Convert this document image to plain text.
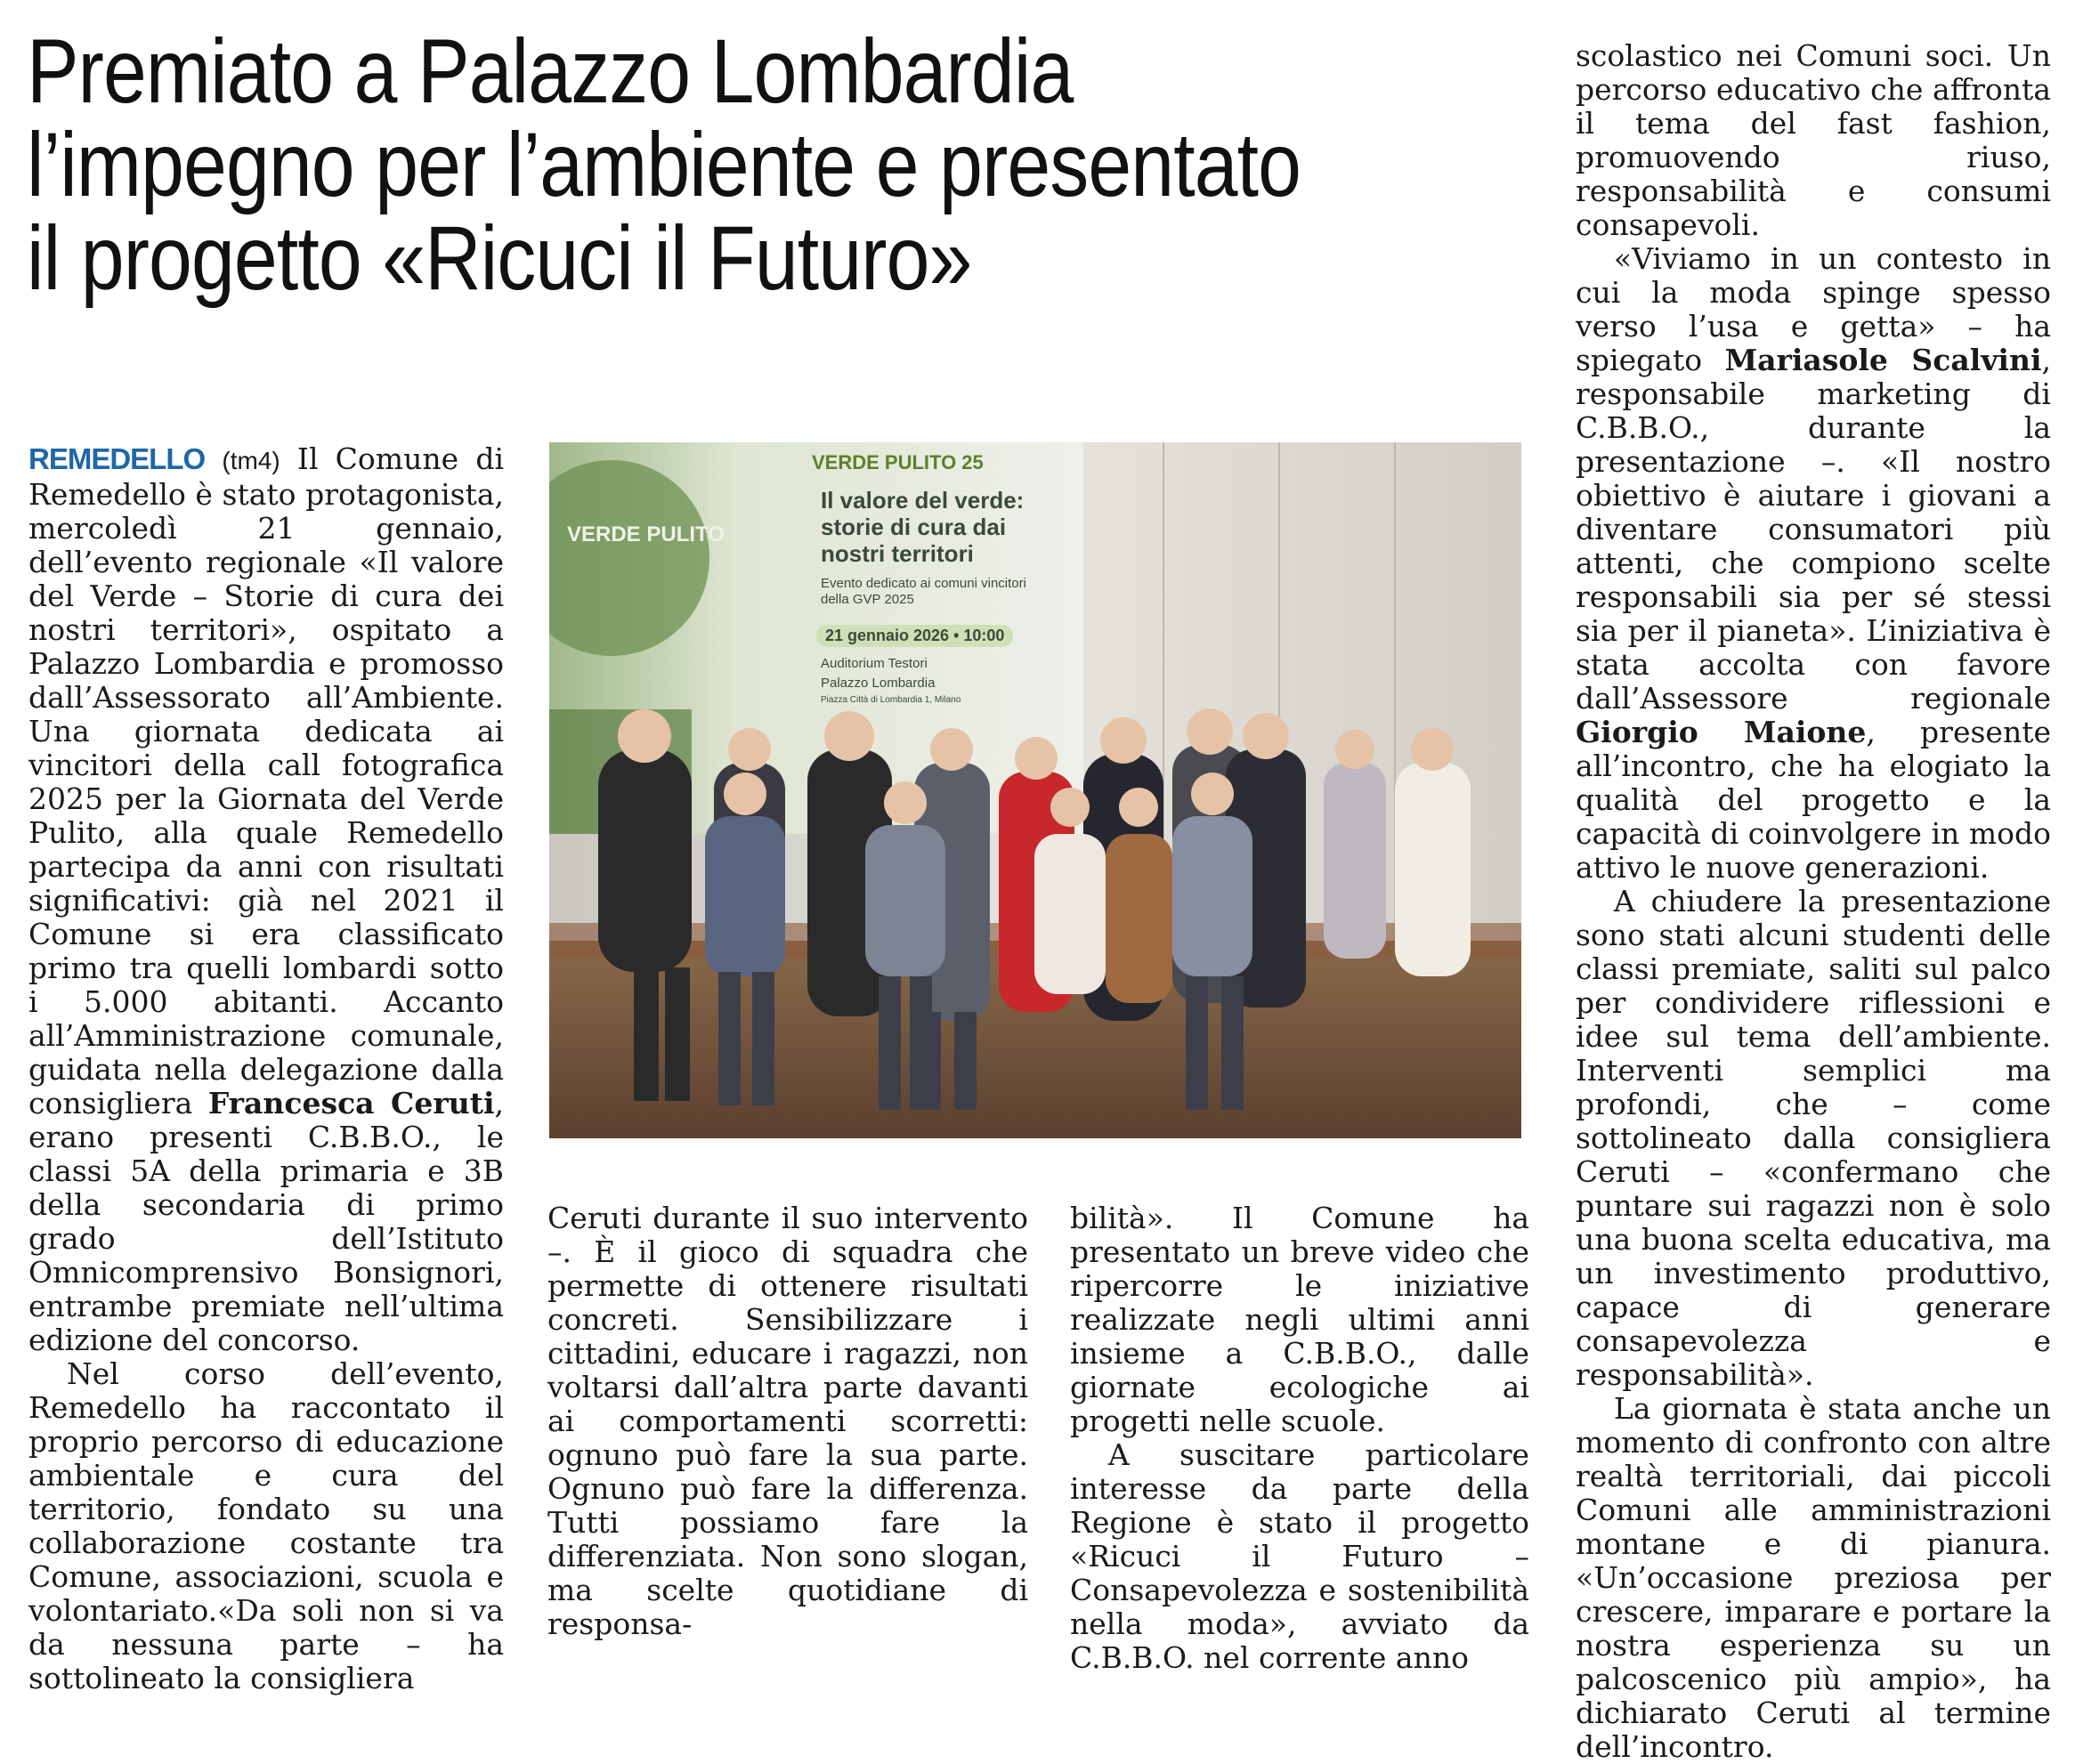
Premiato a Palazzo Lombardia
l’impegno per l’ambiente e presentato
il progetto «Ricuci il Futuro»

REMEDELLO (tm4) Il Comune di Remedello è stato protagonista, mercoledì 21 gennaio, dell’evento regionale «Il valore del Verde – Storie di cura dei nostri territori», ospitato a Palazzo Lombardia e promosso dall’Assessorato all’Ambiente. Una giornata dedicata ai vincitori della call fotografica 2025 per la Giornata del Verde Pulito, alla quale Remedello partecipa da anni con risultati significativi: già nel 2021 il Comune si era classificato primo tra quelli lombardi sotto i 5.000 abitanti. Accanto all’Amministrazione comunale, guidata nella delegazione dalla consigliera Francesca Ceruti, erano presenti C.B.B.O., le classi 5A della primaria e 3B della secondaria di primo grado dell’Istituto Omnicomprensivo Bonsignori, entrambe premiate nell’ultima edizione del concorso.

Nel corso dell’evento, Remedello ha raccontato il proprio percorso di educazione ambientale e cura del territorio, fondato su una collaborazione costante tra Comune, associazioni, scuola e volontariato.«Da soli non si va da nessuna parte – ha sottolineato la consigliera

VERDE PULITO 25
Il valore del verde: storie di cura dai nostri territori
Evento dedicato ai comuni vincitori della GVP 2025
21 gennaio 2026 • 10:00
Auditorium Testori
Palazzo Lombardia
Piazza Città di Lombardia 1, Milano
VERDE PULITO

Ceruti durante il suo intervento –. È il gioco di squadra che permette di ottenere risultati concreti. Sensibilizzare i cittadini, educare i ragazzi, non voltarsi dall’altra parte davanti ai comportamenti scorretti: ognuno può fare la sua parte. Ognuno può fare la differenza. Tutti possiamo fare la differenziata. Non sono slogan, ma scelte quotidiane di responsa-

bilità». Il Comune ha presentato un breve video che ripercorre le iniziative realizzate negli ultimi anni insieme a C.B.B.O., dalle giornate ecologiche ai progetti nelle scuole.

A suscitare particolare interesse da parte della Regione è stato il progetto «Ricuci il Futuro – Consapevolezza e sostenibilità nella moda», avviato da C.B.B.O. nel corrente anno

scolastico nei Comuni soci. Un percorso educativo che affronta il tema del fast fashion, promuovendo riuso, responsabilità e consumi consapevoli.

«Viviamo in un contesto in cui la moda spinge spesso verso l’usa e getta» – ha spiegato Mariasole Scalvini, responsabile marketing di C.B.B.O., durante la presentazione –. «Il nostro obiettivo è aiutare i giovani a diventare consumatori più attenti, che compiono scelte responsabili sia per sé stessi sia per il pianeta». L’iniziativa è stata accolta con favore dall’Assessore regionale Giorgio Maione, presente all’incontro, che ha elogiato la qualità del progetto e la capacità di coinvolgere in modo attivo le nuove generazioni.

A chiudere la presentazione sono stati alcuni studenti delle classi premiate, saliti sul palco per condividere riflessioni e idee sul tema dell’ambiente. Interventi semplici ma profondi, che – come sottolineato dalla consigliera Ceruti – «confermano che puntare sui ragazzi non è solo una buona scelta educativa, ma un investimento produttivo, capace di generare consapevolezza e responsabilità».

La giornata è stata anche un momento di confronto con altre realtà territoriali, dai piccoli Comuni alle amministrazioni montane e di pianura. «Un’occasione preziosa per crescere, imparare e portare la nostra esperienza su un palcoscenico più ampio», ha dichiarato Ceruti al termine dell’incontro.
